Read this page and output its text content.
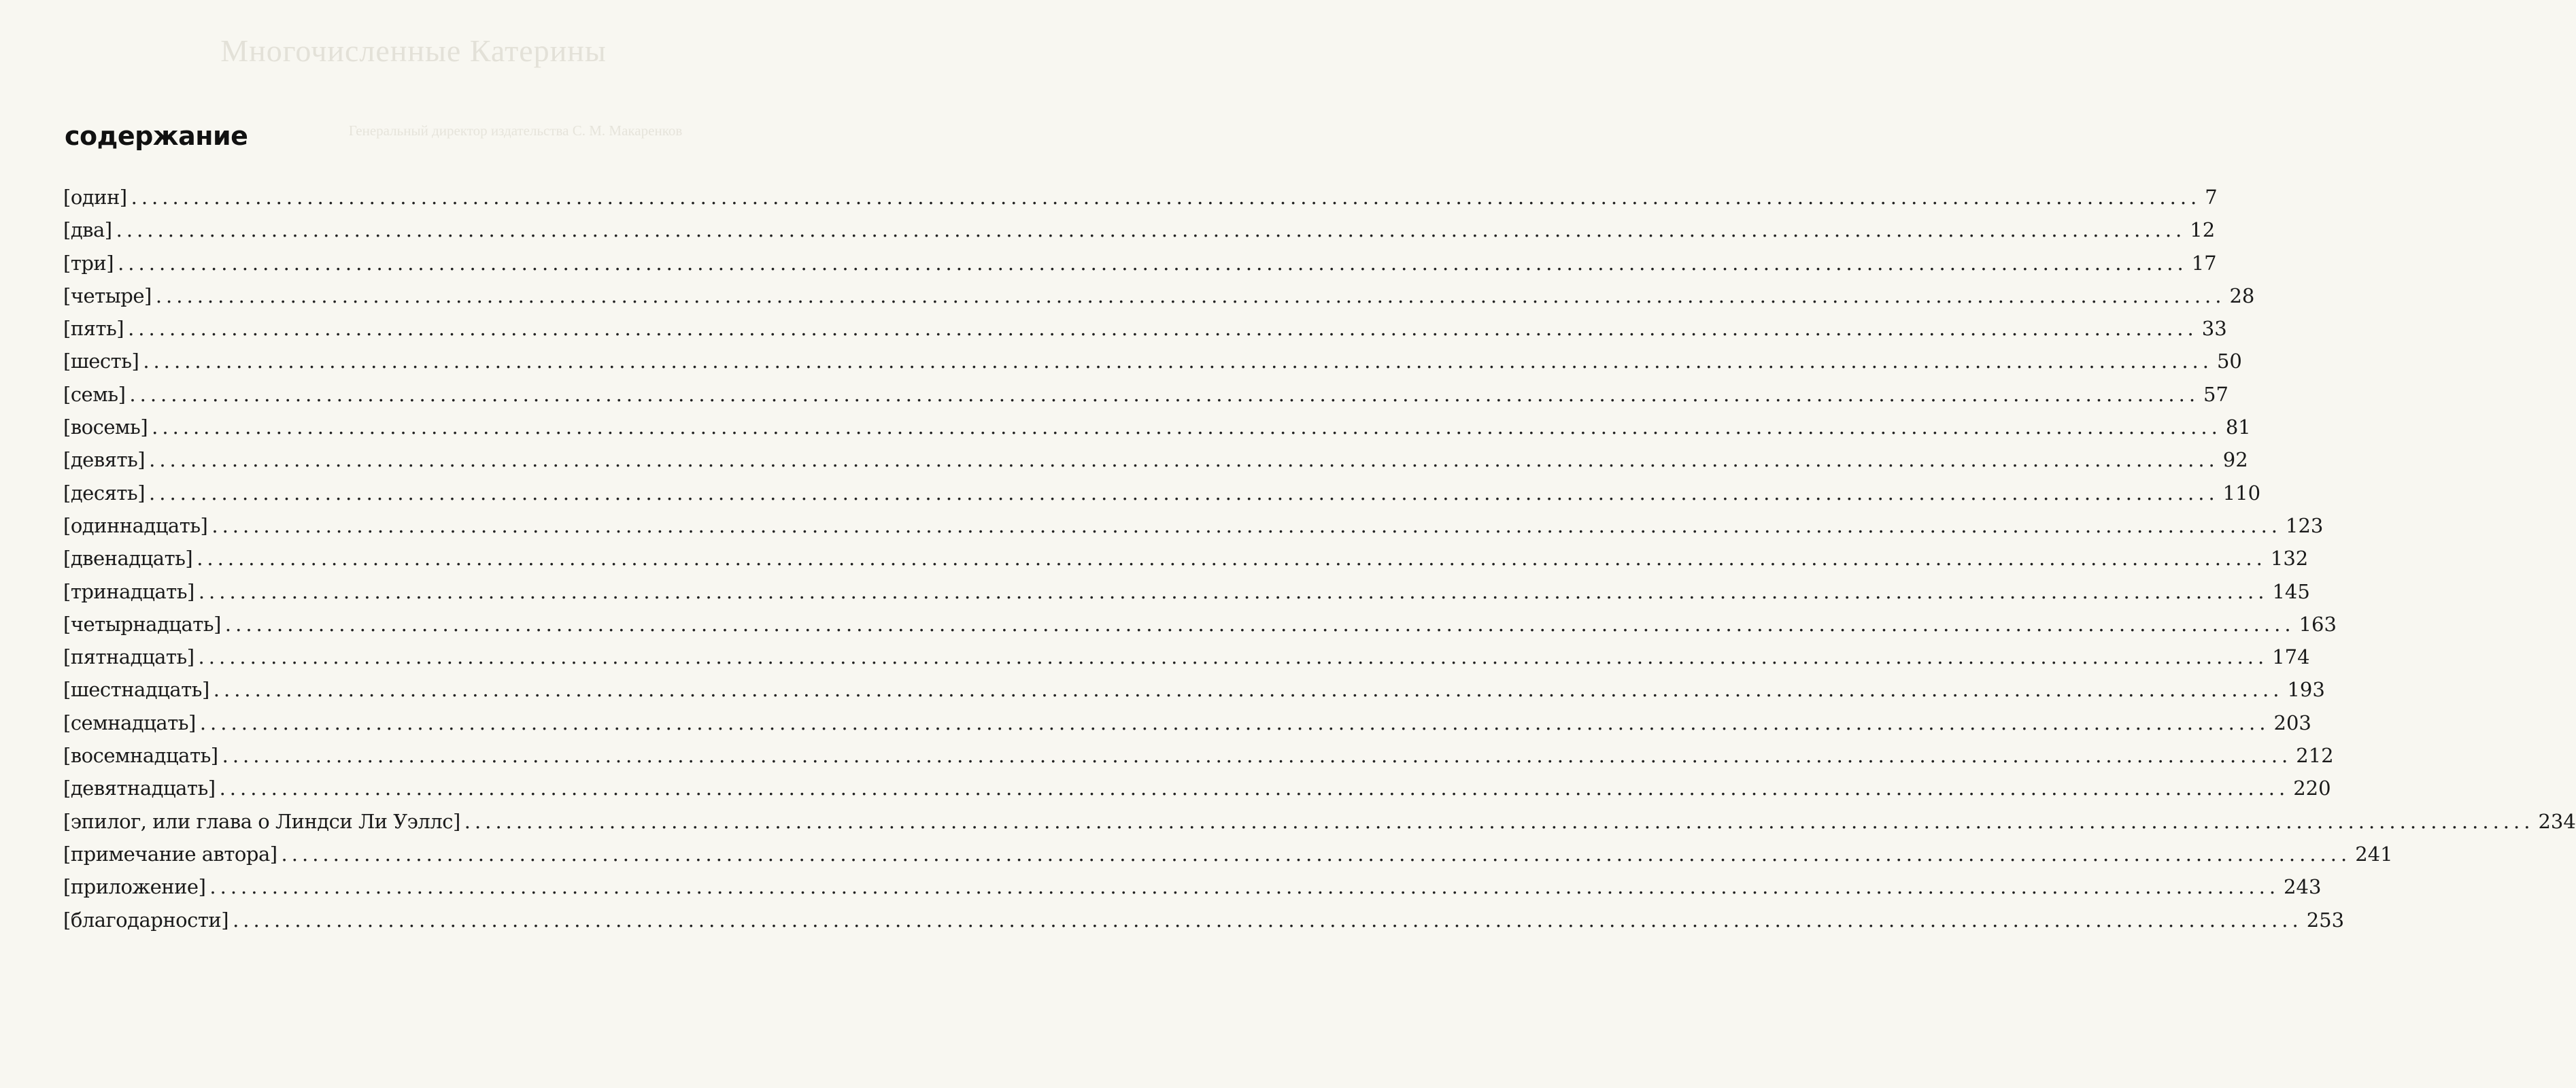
Многочисленные Катерины
Генеральный директор издательства С. М. Макаренков
содержание
[один] ........................................................................................................................................................................................................ 7
[два] ........................................................................................................................................................................................................ 12
[три] ........................................................................................................................................................................................................ 17
[четыре] ........................................................................................................................................................................................................ 28
[пять] ........................................................................................................................................................................................................ 33
[шесть] ........................................................................................................................................................................................................ 50
[семь] ........................................................................................................................................................................................................ 57
[восемь] ........................................................................................................................................................................................................ 81
[девять] ........................................................................................................................................................................................................ 92
[десять] ........................................................................................................................................................................................................ 110
[одиннадцать] ........................................................................................................................................................................................................ 123
[двенадцать] ........................................................................................................................................................................................................ 132
[тринадцать] ........................................................................................................................................................................................................ 145
[четырнадцать] ........................................................................................................................................................................................................ 163
[пятнадцать] ........................................................................................................................................................................................................ 174
[шестнадцать] ........................................................................................................................................................................................................ 193
[семнадцать] ........................................................................................................................................................................................................ 203
[восемнадцать] ........................................................................................................................................................................................................ 212
[девятнадцать] ........................................................................................................................................................................................................ 220
[эпилог, или глава о Линдси Ли Уэллс] ........................................................................................................................................................................................................ 234
[примечание автора] ........................................................................................................................................................................................................ 241
[приложение] ........................................................................................................................................................................................................ 243
[благодарности] ........................................................................................................................................................................................................ 253
